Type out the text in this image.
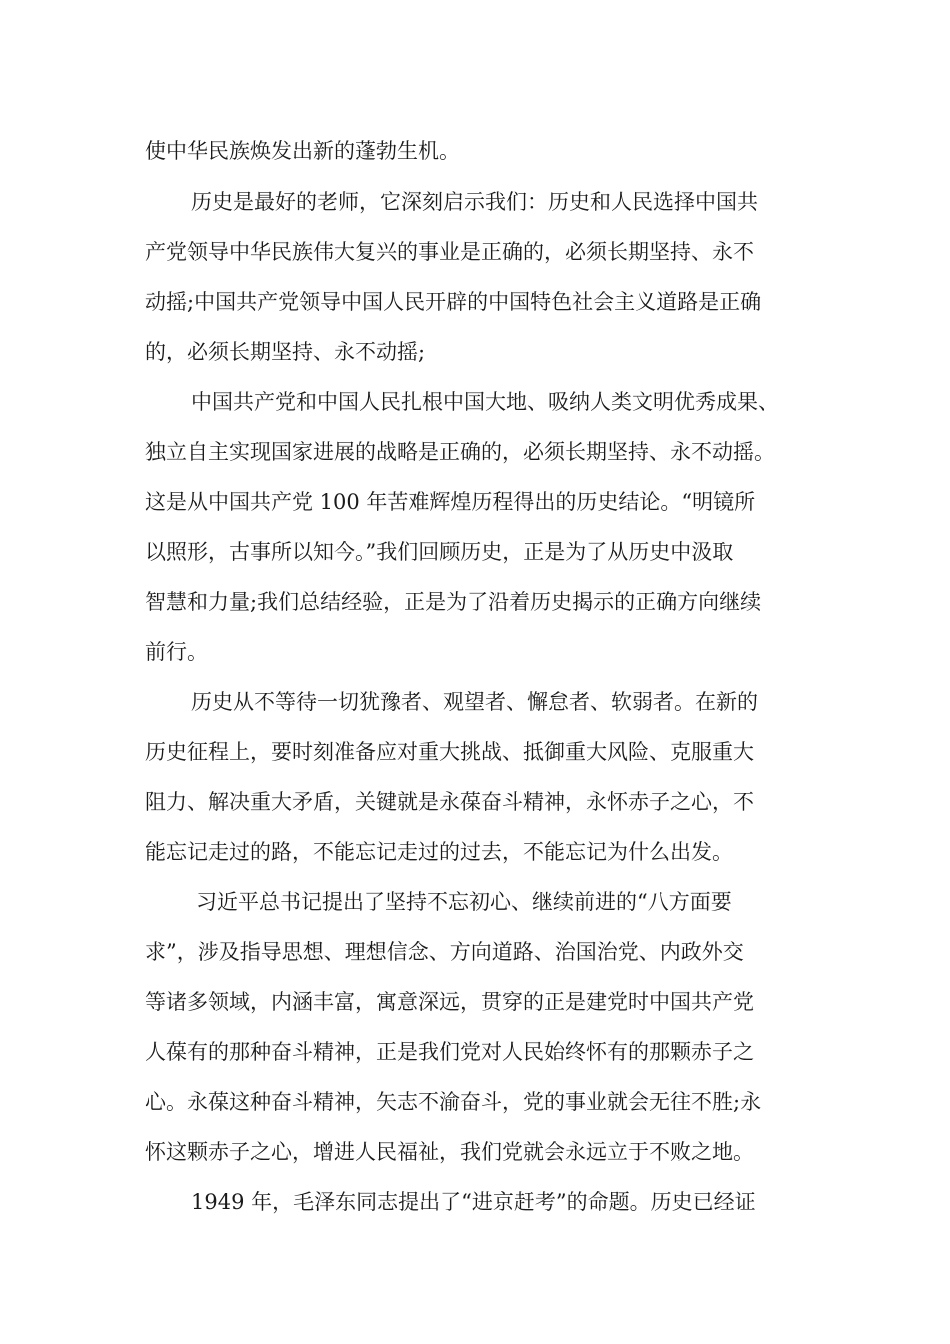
使中华民族焕发出新的蓬勃生机。
历史是最好的老师，它深刻启示我们：历史和人民选择中国共
产党领导中华民族伟大复兴的事业是正确的，必须长期坚持、永不
动摇;中国共产党领导中国人民开辟的中国特色社会主义道路是正确
的，必须长期坚持、永不动摇;
中国共产党和中国人民扎根中国大地、吸纳人类文明优秀成果、
独立自主实现国家进展的战略是正确的，必须长期坚持、永不动摇。
这是从中国共产党 100 年苦难辉煌历程得出的历史结论。“明镜所
以照形，古事所以知今。”我们回顾历史，正是为了从历史中汲取
智慧和力量;我们总结经验，正是为了沿着历史揭示的正确方向继续
前行。
历史从不等待一切犹豫者、观望者、懈怠者、软弱者。在新的
历史征程上，要时刻准备应对重大挑战、抵御重大风险、克服重大
阻力、解决重大矛盾，关键就是永葆奋斗精神，永怀赤子之心，不
能忘记走过的路，不能忘记走过的过去，不能忘记为什么出发。
习近平总书记提出了坚持不忘初心、继续前进的“八方面要
求”，涉及指导思想、理想信念、方向道路、治国治党、内政外交
等诸多领域，内涵丰富，寓意深远，贯穿的正是建党时中国共产党
人葆有的那种奋斗精神，正是我们党对人民始终怀有的那颗赤子之
心。永葆这种奋斗精神，矢志不渝奋斗，党的事业就会无往不胜;永
怀这颗赤子之心，增进人民福祉，我们党就会永远立于不败之地。
1949 年，毛泽东同志提出了“进京赶考”的命题。历史已经证
